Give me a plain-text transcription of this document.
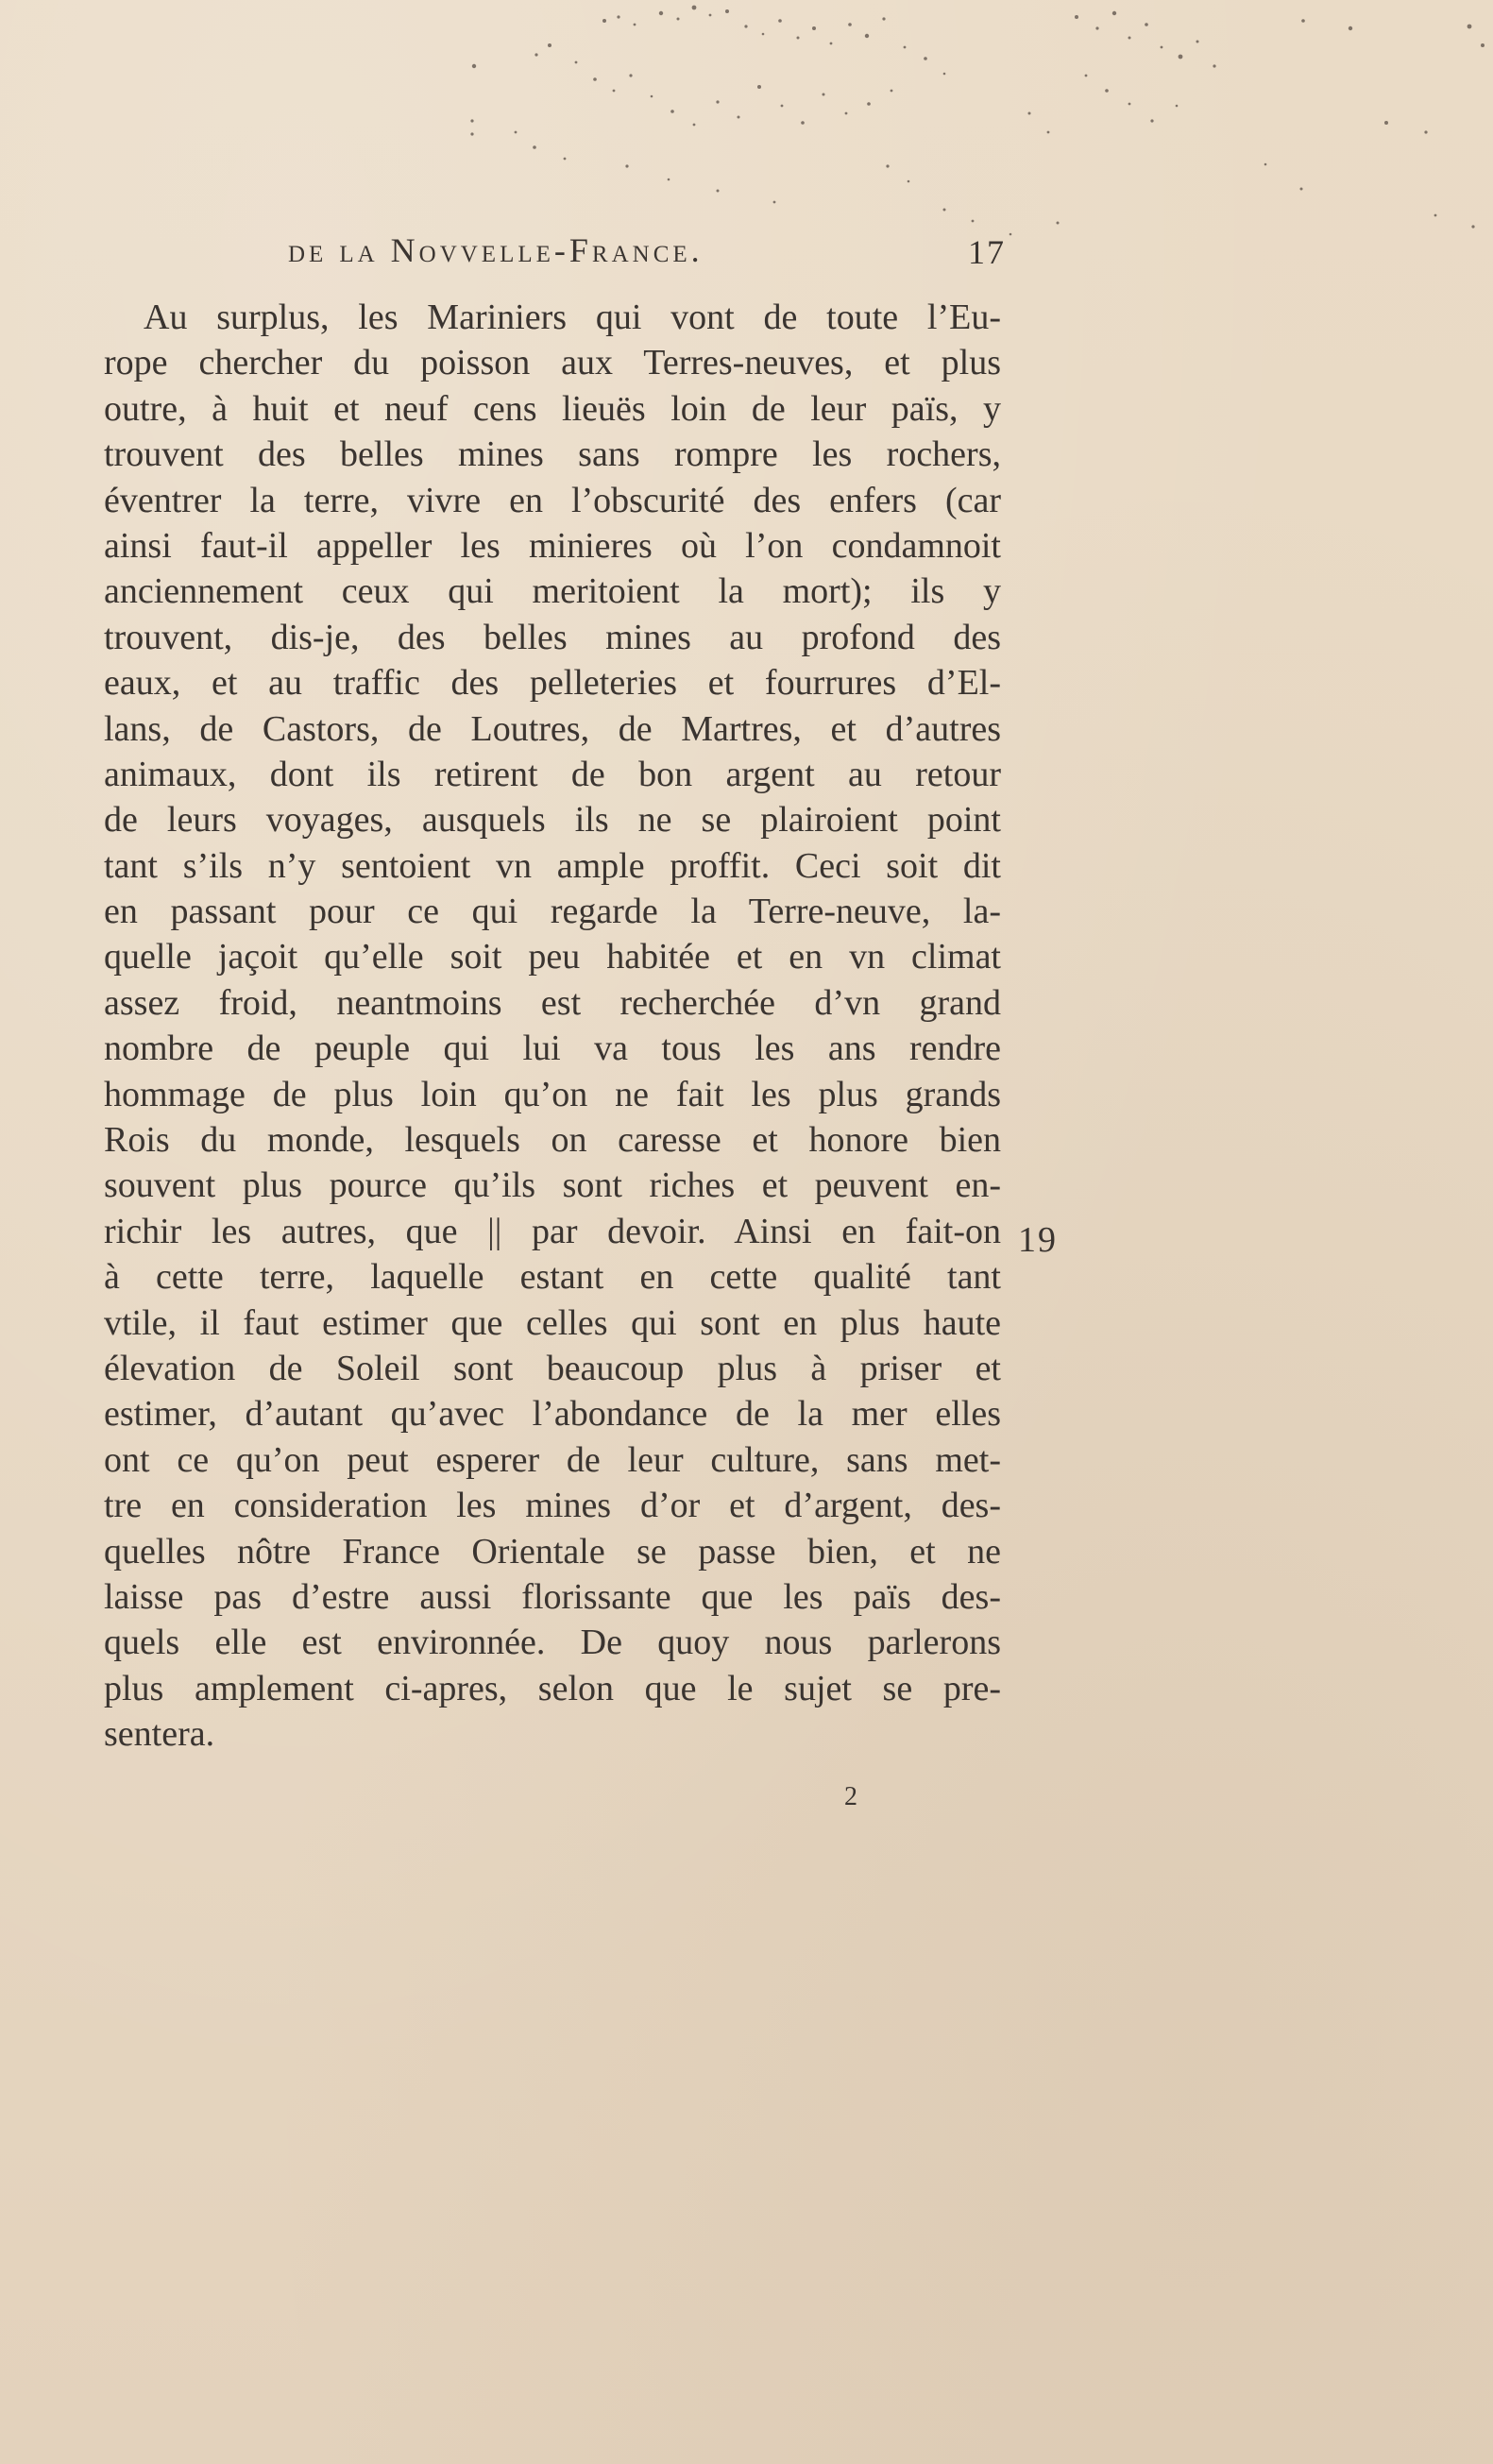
de la Novvelle-France.	17
Au surplus, les Mariniers qui vont de toute l’Eu-
rope chercher du poisson aux Terres-neuves, et plus
outre, à huit et neuf cens lieuës loin de leur païs, y
trouvent des belles mines sans rompre les rochers,
éventrer la terre, vivre en l’obscurité des enfers (car
ainsi faut-il appeller les minieres où l’on condamnoit
anciennement ceux qui meritoient la mort); ils y
trouvent, dis-je, des belles mines au profond des
eaux, et au traffic des pelleteries et fourrures d’El-
lans, de Castors, de Loutres, de Martres, et d’autres
animaux, dont ils retirent de bon argent au retour
de leurs voyages, ausquels ils ne se plairoient point
tant s’ils n’y sentoient vn ample proffit. Ceci soit dit
en passant pour ce qui regarde la Terre-neuve, la-
quelle jaçoit qu’elle soit peu habitée et en vn climat
assez froid, neantmoins est recherchée d’vn grand
nombre de peuple qui lui va tous les ans rendre
hommage de plus loin qu’on ne fait les plus grands
Rois du monde, lesquels on caresse et honore bien
souvent plus pource qu’ils sont riches et peuvent en-
richir les autres, que || par devoir. Ainsi en fait-on
à cette terre, laquelle estant en cette qualité tant
vtile, il faut estimer que celles qui sont en plus haute
élevation de Soleil sont beaucoup plus à priser et
estimer, d’autant qu’avec l’abondance de la mer elles
ont ce qu’on peut esperer de leur culture, sans met-
tre en consideration les mines d’or et d’argent, des-
quelles nôtre France Orientale se passe bien, et ne
laisse pas d’estre aussi florissante que les païs des-
quels elle est environnée. De quoy nous parlerons
plus amplement ci-apres, selon que le sujet se pre-
sentera.
19
2
